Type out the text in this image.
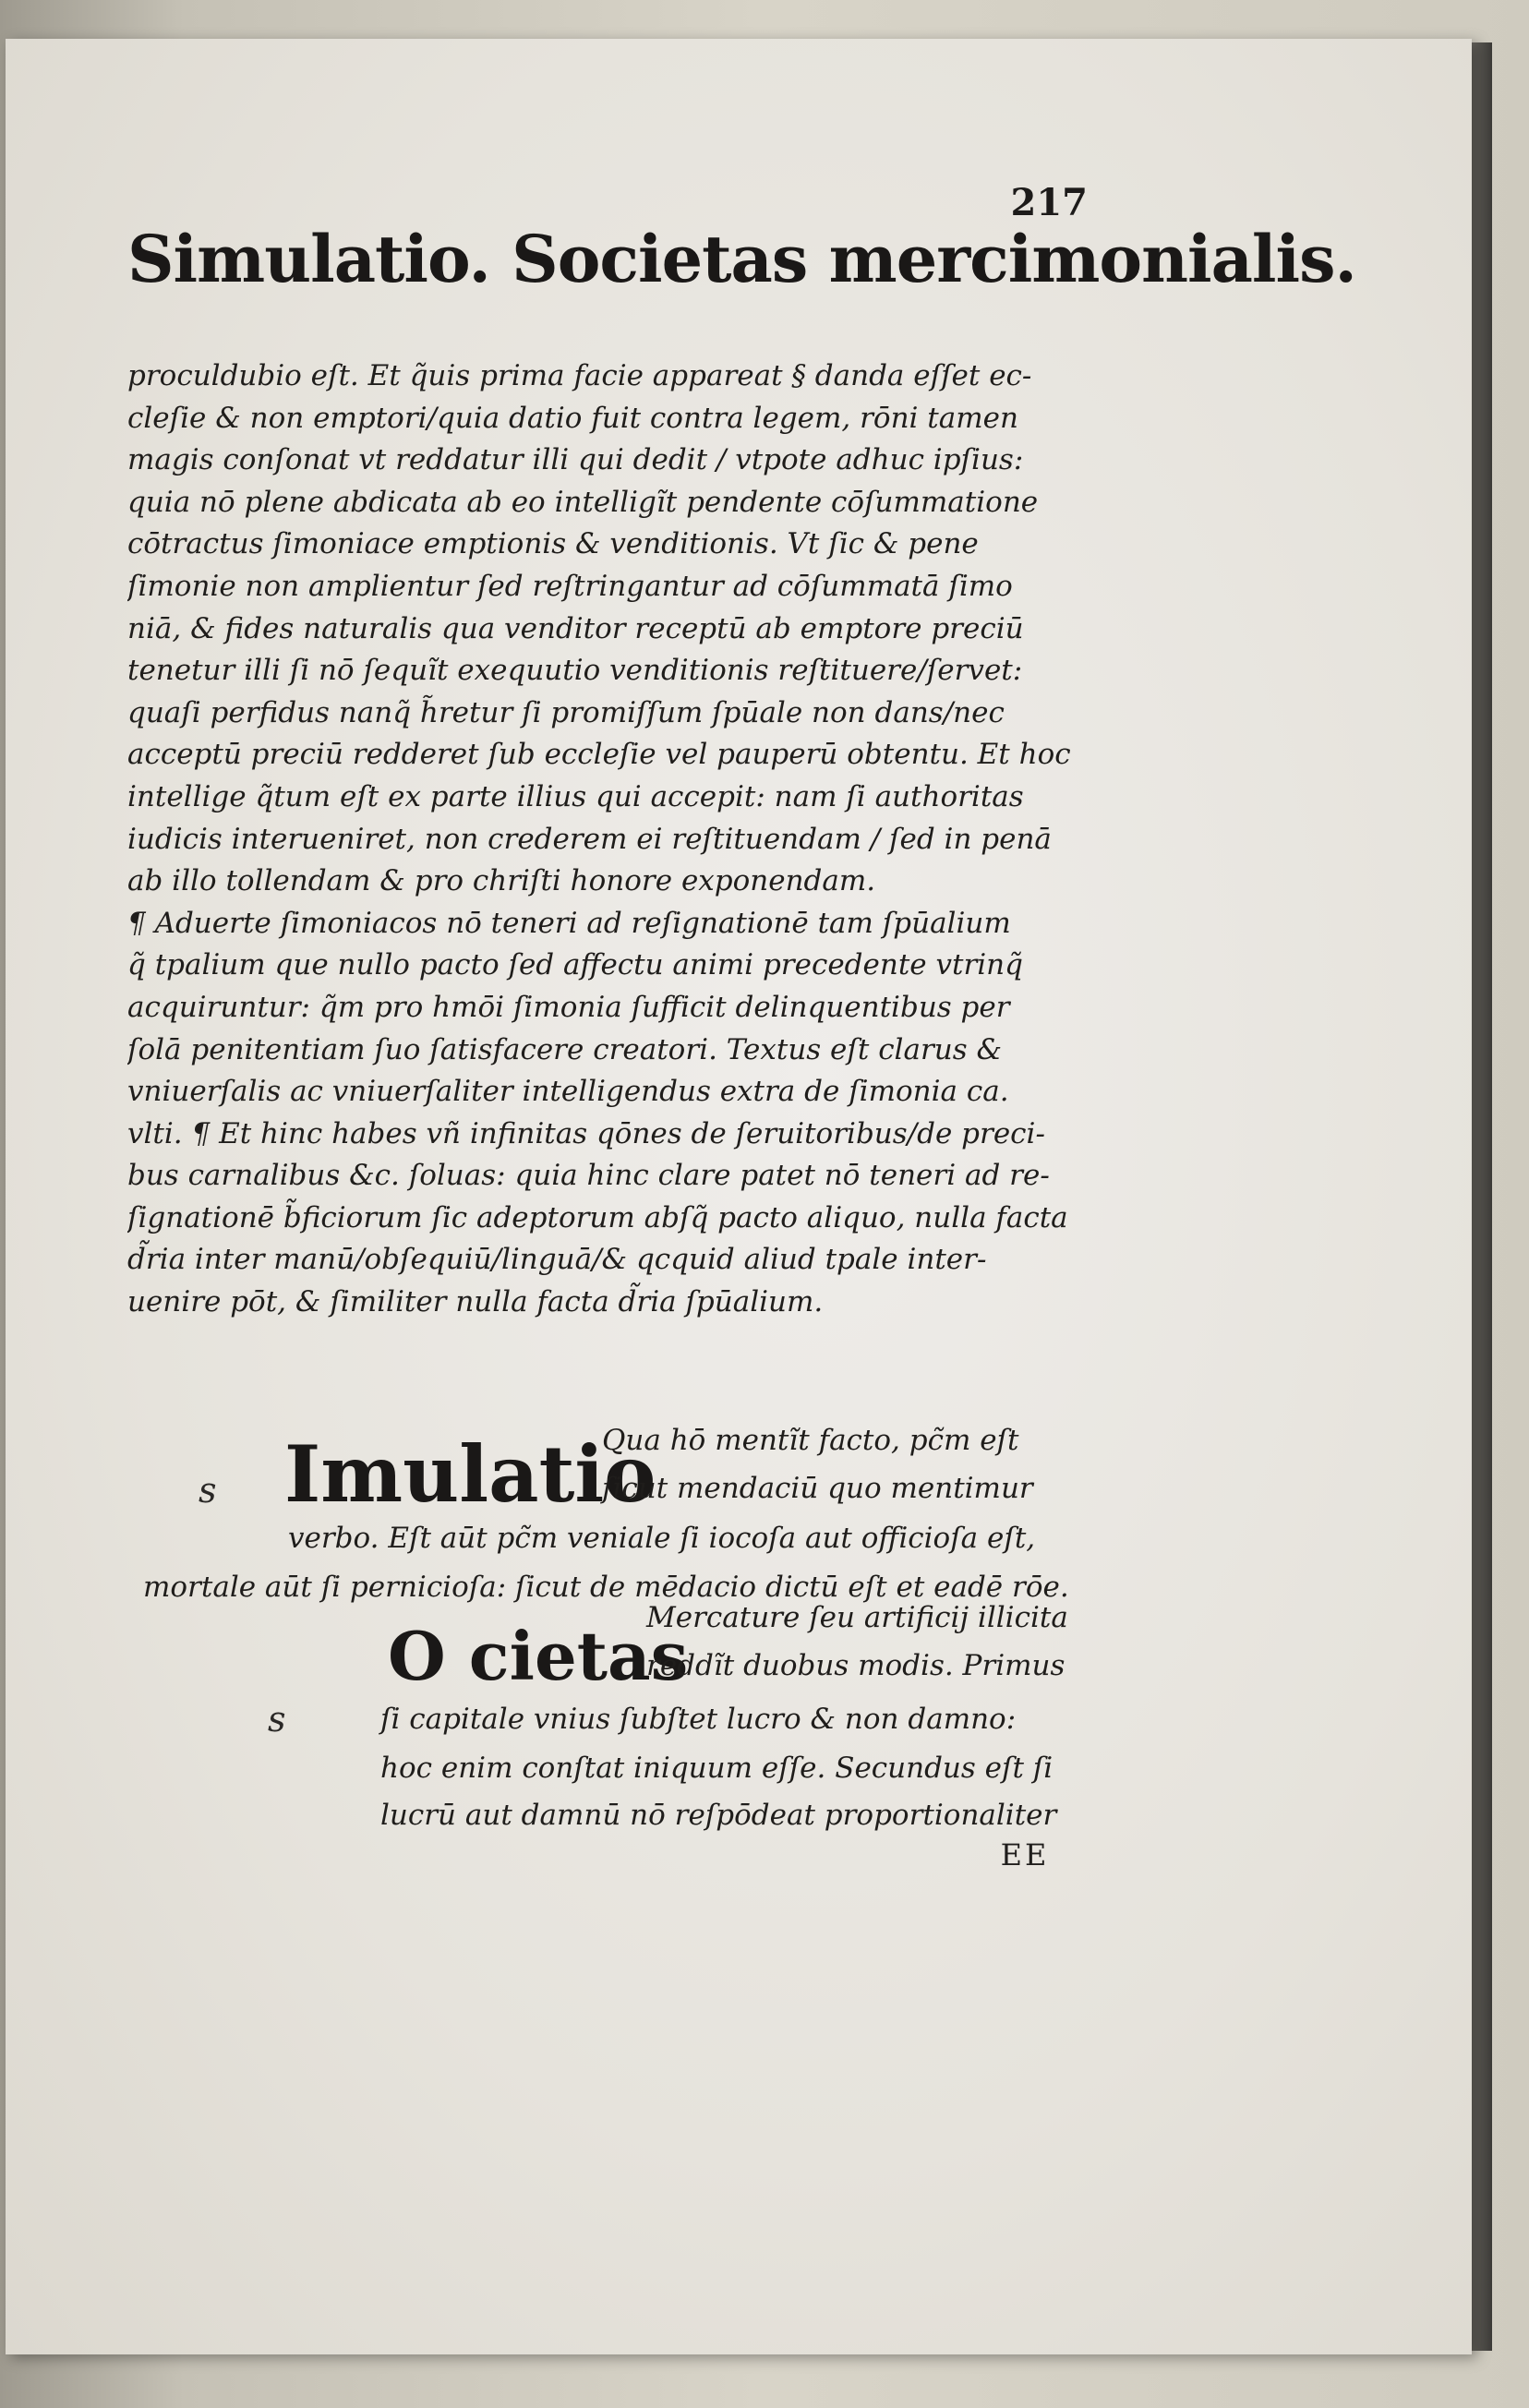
217
Simulatio. Societas mercimonialis.
proculdubio eſt. Et q̃uis prima facie appareat § danda eſſet ec-
cleſie & non emptori/quia datio fuit contra legem, rōni tamen
magis conſonat vt reddatur illi qui dedit / vtpote adhuc ipſius:
quia nō plene abdicata ab eo intelligĩt pendente cōſummatione
cōtractus ſimoniace emptionis & venditionis. Vt ſic & pene
ſimonie non amplientur ſed reſtringantur ad cōſummatā ſimo
niā, & fides naturalis qua venditor receptū ab emptore preciū
tenetur illi ſi nō ſequĩt exequutio venditionis reſtituere/ſervet:
quaſi perfidus nanq̃ h̃retur ſi promiſſum ſpūale non dans/nec
acceptū preciū redderet ſub eccleſie vel pauperū obtentu. Et hoc
intellige q̃tum eſt ex parte illius qui accepit: nam ſi authoritas
iudicis interueniret, non crederem ei reſtituendam / ſed in penā
ab illo tollendam & pro chriſti honore exponendam.
¶ Aduerte ſimoniacos nō teneri ad reſignationē tam ſpūalium
q̃ tpalium que nullo pacto ſed affectu animi precedente vtrinq̃
acquiruntur: q̃m pro hmōi ſimonia ſufficit delinquentibus per
ſolā penitentiam ſuo ſatisfacere creatori. Textus eſt clarus &
vniuerſalis ac vniuerſaliter intelligendus extra de ſimonia ca.
vlti. ¶ Et hinc habes vñ infinitas qōnes de ſeruitoribus/de preci-
bus carnalibus &c. ſoluas: quia hinc clare patet nō teneri ad re-
ſignationē b̃ficiorum ſic adeptorum abſq̃ pacto aliquo, nulla facta
d̃ria inter manū/obſequiū/linguā/& qcquid aliud tpale inter-
uenire pōt, & ſimiliter nulla facta d̃ria ſpūalium.
s Imulatio
Qua hō mentĩt facto, pc̃m eſt
ſicut mendaciū quo mentimur
verbo. Eſt aūt pc̃m veniale ſi iocoſa aut officioſa eſt,
mortale aūt ſi pernicioſa: ſicut de mēdacio dictū eſt et eadē rōe.
s
O cietas
Mercature ſeu artificij illicita
reddĩt duobus modis. Primus
ſi capitale vnius ſubſtet lucro & non damno:
hoc enim conſtat iniquum eſſe. Secundus eſt ſi
lucrū aut damnū nō reſpōdeat proportionaliter
EE
